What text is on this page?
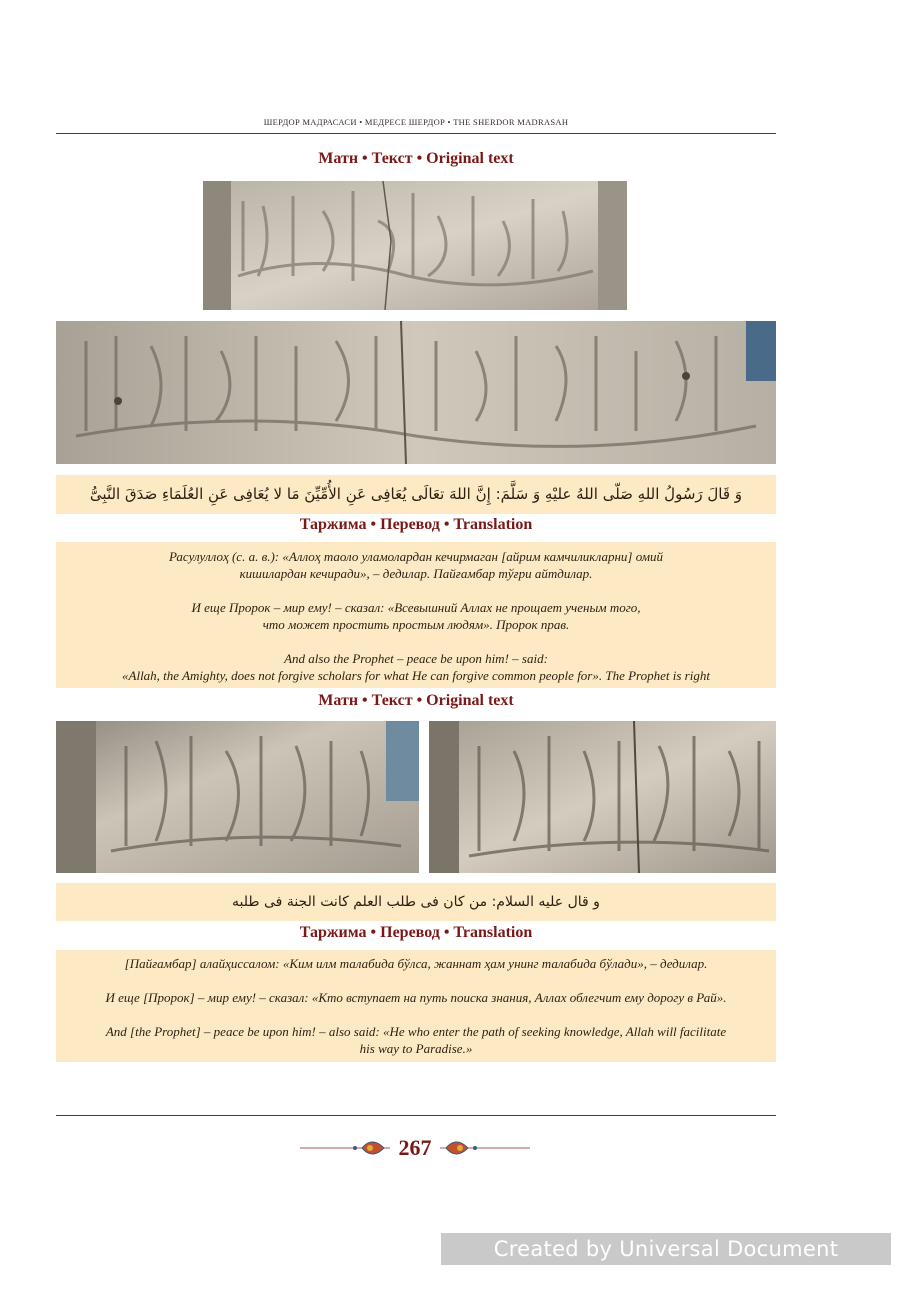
ШЕРДОР МАДРАСАСИ • МЕДРЕСЕ ШЕРДОР • THE SHERDOR MADRASAH
Матн • Текст • Original text
وَ قَالَ رَسُولُ اللهِ صَلّی اللهُ علیْهِ وَ سَلَّمَ: إِنَّ اللهَ تعَالَی یُعَافِی عَنِ الأُمِّیِّنَ مَا لا یُعَافِی عَنِ العُلَمَاءِ صَدَقَ النَّبِیُّ
Таржима • Перевод • Translation

Расулуллоҳ (с. а. в.): «Аллоҳ таоло уламолардан кечирмаган [айрим камчиликларни] омий

кишилардан кечиради», – дедилар. Пайғамбар тўғри айтдилар.

И еще Пророк – мир ему! – сказал: «Всевышний Аллах не прощает ученым того,

что может простить простым людям». Пророк прав.

And also the Prophet – peace be upon him! – said:

«Allah, the Amighty, does not forgive scholars for what He can forgive common people for». The Prophet is right

Матн • Текст • Original text
و قال علیه السلام: من کان فی طلب العلم کانت الجنة فی طلبه
Таржима • Перевод • Translation

[Пайғамбар] алайҳиссалом: «Ким илм талабида бўлса, жаннат ҳам унинг талабида бўлади», – дедилар.

И еще [Пророк] – мир ему! – сказал: «Кто вступает на путь поиска знания, Аллах облегчит ему дорогу в Рай».

And [the Prophet] – peace be upon him! – also said: «He who enter the path of seeking knowledge, Allah will facilitate

his way to Paradise.»

267
Created by Universal Document Converter
